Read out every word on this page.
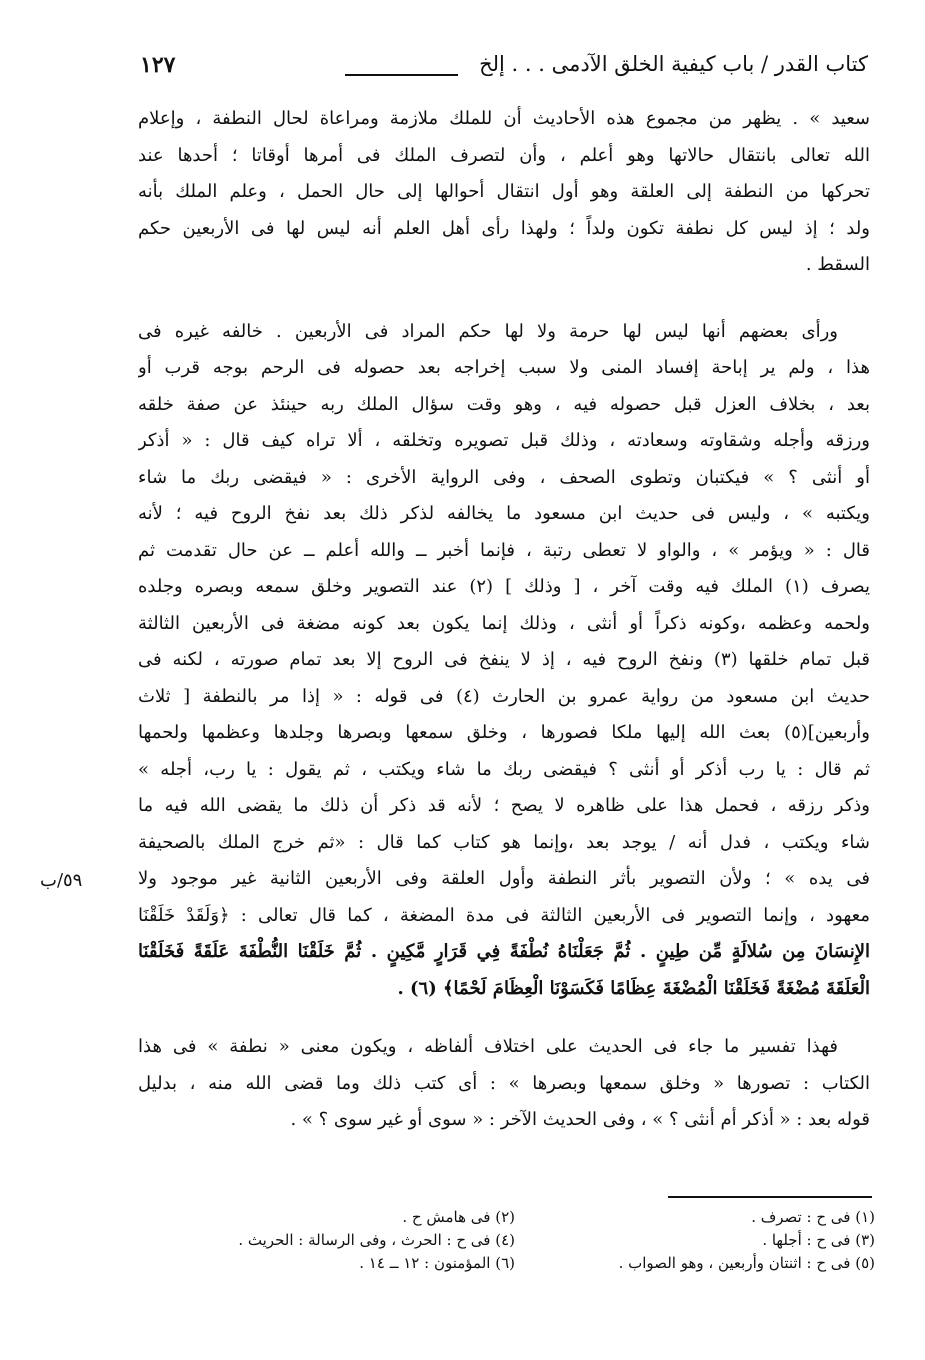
كتاب القدر / باب كيفية الخلق الآدمى . . . إلخ
١٢٧
٥٩/ب
سعيد » . يظهر من مجموع هذه الأحاديث أن للملك ملازمة ومراعاة لحال النطفة ، وإعلام
الله تعالى بانتقال حالاتها وهو أعلم ، وأن لتصرف الملك فى أمرها أوقاتا ؛ أحدها عند
تحركها من النطفة إلى العلقة وهو أول انتقال أحوالها إلى حال الحمل ، وعلم الملك بأنه
ولد ؛ إذ ليس كل نطفة تكون ولداً ؛ ولهذا رأى أهل العلم أنه ليس لها فى الأربعين حكم
السقط .
ورأى بعضهم أنها ليس لها حرمة ولا لها حكم المراد فى الأربعين . خالفه غيره فى
هذا ، ولم ير إباحة إفساد المنى ولا سبب إخراجه بعد حصوله فى الرحم بوجه قرب أو
بعد ، بخلاف العزل قبل حصوله فيه ، وهو وقت سؤال الملك ربه حينئذ عن صفة خلقه
ورزقه وأجله وشقاوته وسعادته ، وذلك قبل تصويره وتخلقه ، ألا تراه كيف قال : « أذكر
أو أنثى ؟ » فيكتبان وتطوى الصحف ، وفى الرواية الأخرى : « فيقضى ربك ما شاء
ويكتبه » ، وليس فى حديث ابن مسعود ما يخالفه لذكر ذلك بعد نفخ الروح فيه ؛ لأنه
قال : « ويؤمر » ، والواو لا تعطى رتبة ، فإنما أخبر ــ والله أعلم ــ عن حال تقدمت ثم
يصرف (١) الملك فيه وقت آخر ، [ وذلك ] (٢) عند التصوير وخلق سمعه وبصره وجلده
ولحمه وعظمه ،وكونه ذكراً أو أنثى ، وذلك إنما يكون بعد كونه مضغة فى الأربعين الثالثة
قبل تمام خلقها (٣) ونفخ الروح فيه ، إذ لا ينفخ فى الروح إلا بعد تمام صورته ، لكنه فى
حديث ابن مسعود من رواية عمرو بن الحارث (٤) فى قوله : « إذا مر بالنطفة [ ثلاث
وأربعين](٥) بعث الله إليها ملكا فصورها ، وخلق سمعها وبصرها وجلدها وعظمها ولحمها
ثم قال : يا رب أذكر أو أنثى ؟ فيقضى ربك ما شاء ويكتب ، ثم يقول : يا رب، أجله »
وذكر رزقه ، فحمل هذا على ظاهره لا يصح ؛ لأنه قد ذكر أن ذلك ما يقضى الله فيه ما
شاء ويكتب ، فدل أنه / يوجد بعد ،وإنما هو كتاب كما قال : «ثم خرج الملك بالصحيفة
فى يده » ؛ ولأن التصوير بأثر النطفة وأول العلقة وفى الأربعين الثانية غير موجود ولا
معهود ، وإنما التصوير فى الأربعين الثالثة فى مدة المضغة ، كما قال تعالى : ﴿وَلَقَدْ خَلَقْنَا
الإِنسَانَ مِن سُلالَةٍ مِّن طِينٍ . ثُمَّ جَعَلْنَاهُ نُطْفَةً فِي قَرَارٍ مَّكِينٍ . ثُمَّ خَلَقْنَا النُّطْفَةَ عَلَقَةً فَخَلَقْنَا
الْعَلَقَةَ مُضْغَةً فَخَلَقْنَا الْمُضْغَةَ عِظَامًا فَكَسَوْنَا الْعِظَامَ لَحْمًا﴾ (٦) .
فهذا تفسير ما جاء فى الحديث على اختلاف ألفاظه ، ويكون معنى « نطفة » فى هذا
الكتاب : تصورها « وخلق سمعها وبصرها » : أى كتب ذلك وما قضى الله منه ، بدليل
قوله بعد : « أذكر أم أنثى ؟ » ، وفى الحديث الآخر : « سوى أو غير سوى ؟ » .
(١) فى ح : تصرف .
(٢) فى هامش ح .
(٣) فى ح : أجلها .
(٤) فى ح : الحرث ، وفى الرسالة : الحريث .
(٥) فى ح : اثنتان وأربعين ، وهو الصواب .
(٦) المؤمنون : ١٢ ــ ١٤ .
